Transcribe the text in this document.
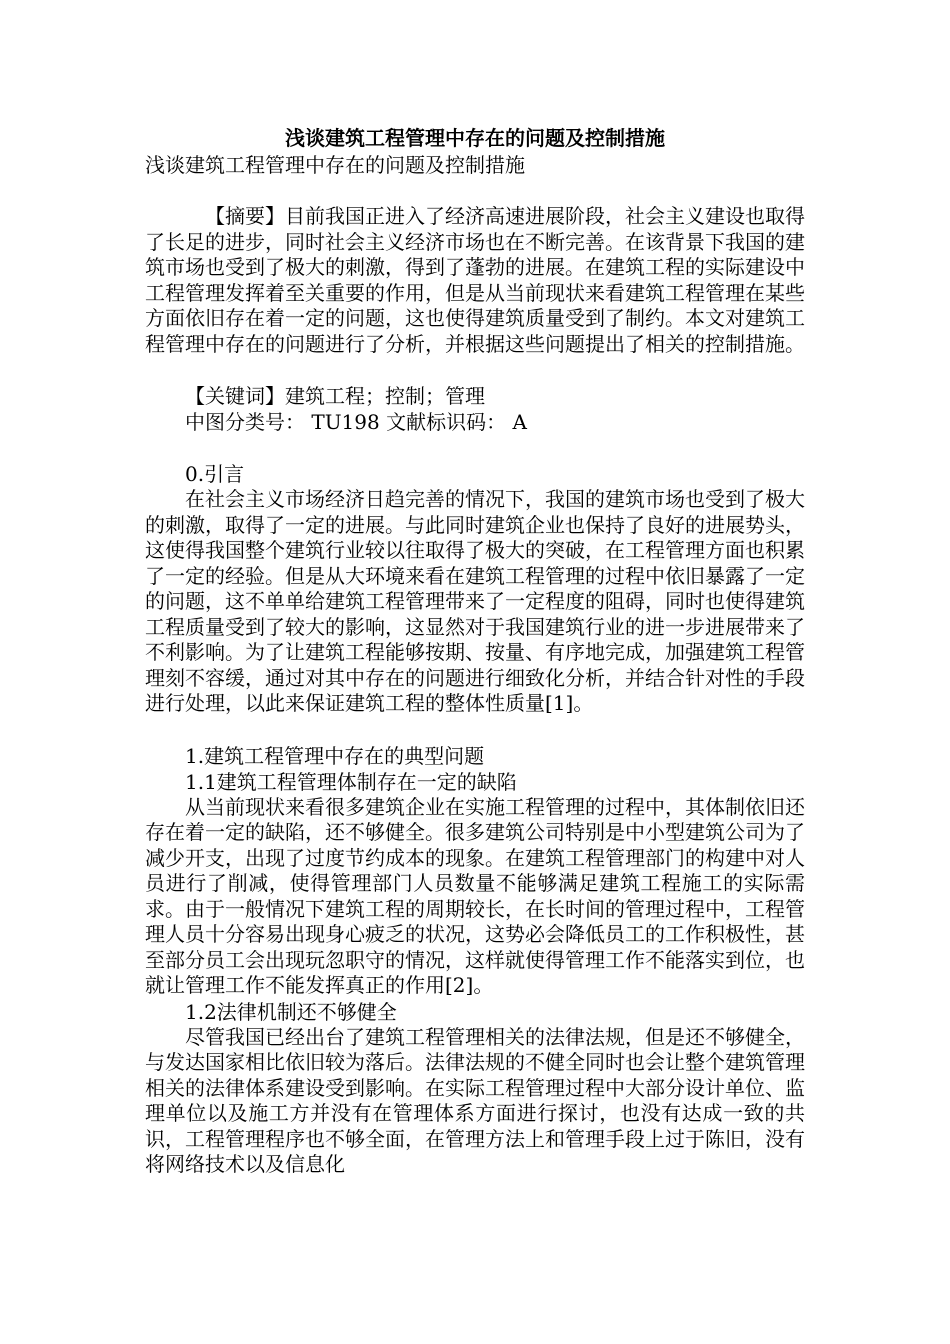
浅谈建筑工程管理中存在的问题及控制措施

浅谈建筑工程管理中存在的问题及控制措施

【摘要】目前我国正进入了经济高速进展阶段，社会主义建设也取得了长足的进步，同时社会主义经济市场也在不断完善。在该背景下我国的建筑市场也受到了极大的刺激，得到了蓬勃的进展。在建筑工程的实际建设中工程管理发挥着至关重要的作用，但是从当前现状来看建筑工程管理在某些方面依旧存在着一定的问题，这也使得建筑质量受到了制约。本文对建筑工程管理中存在的问题进行了分析，并根据这些问题提出了相关的控制措施。

【关键词】建筑工程；控制；管理

中图分类号： TU198 文献标识码： A

0.引言

在社会主义市场经济日趋完善的情况下，我国的建筑市场也受到了极大的刺激，取得了一定的进展。与此同时建筑企业也保持了良好的进展势头，这使得我国整个建筑行业较以往取得了极大的突破，在工程管理方面也积累了一定的经验。但是从大环境来看在建筑工程管理的过程中依旧暴露了一定的问题，这不单单给建筑工程管理带来了一定程度的阻碍，同时也使得建筑工程质量受到了较大的影响，这显然对于我国建筑行业的进一步进展带来了不利影响。为了让建筑工程能够按期、按量、有序地完成，加强建筑工程管理刻不容缓，通过对其中存在的问题进行细致化分析，并结合针对性的手段进行处理，以此来保证建筑工程的整体性质量[1]。

1.建筑工程管理中存在的典型问题

1.1建筑工程管理体制存在一定的缺陷

从当前现状来看很多建筑企业在实施工程管理的过程中，其体制依旧还存在着一定的缺陷，还不够健全。很多建筑公司特别是中小型建筑公司为了减少开支，出现了过度节约成本的现象。在建筑工程管理部门的构建中对人员进行了削减，使得管理部门人员数量不能够满足建筑工程施工的实际需求。由于一般情况下建筑工程的周期较长，在长时间的管理过程中，工程管理人员十分容易出现身心疲乏的状况，这势必会降低员工的工作积极性，甚至部分员工会出现玩忽职守的情况，这样就使得管理工作不能落实到位，也就让管理工作不能发挥真正的作用[2]。

1.2法律机制还不够健全

尽管我国已经出台了建筑工程管理相关的法律法规，但是还不够健全，与发达国家相比依旧较为落后。法律法规的不健全同时也会让整个建筑管理相关的法律体系建设受到影响。在实际工程管理过程中大部分设计单位、监理单位以及施工方并没有在管理体系方面进行探讨，也没有达成一致的共识，工程管理程序也不够全面，在管理方法上和管理手段上过于陈旧，没有将网络技术以及信息化
